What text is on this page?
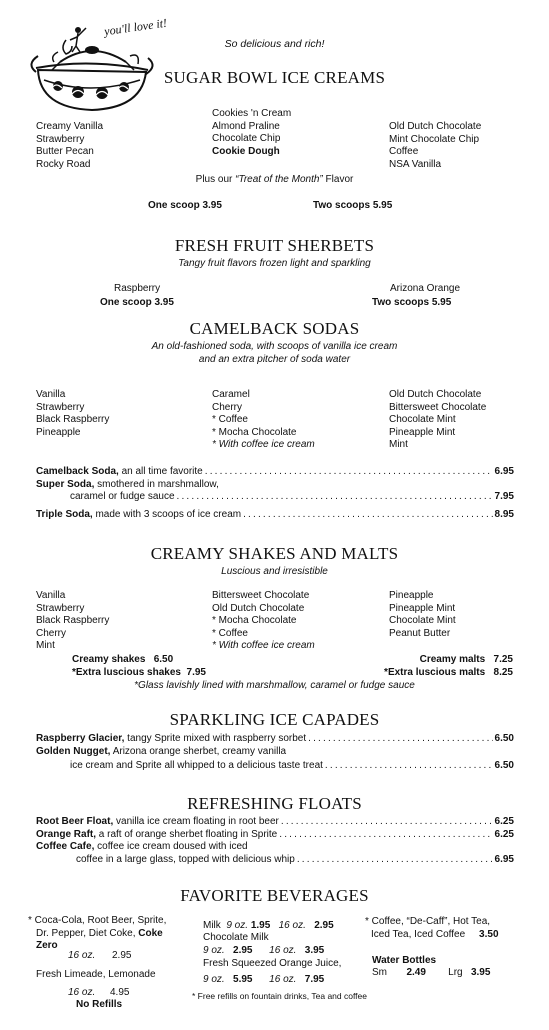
you'll love it!
So delicious and rich!
SUGAR BOWL ICE CREAMS
Creamy Vanilla
Strawberry
Butter Pecan
Rocky Road
Cookies 'n Cream
Almond Praline
Chocolate Chip
Cookie Dough
Old Dutch Chocolate
Mint Chocolate Chip
Coffee
NSA Vanilla
Plus our “Treat of the Month” Flavor
One scoop 3.95	Two scoops 5.95
FRESH FRUIT SHERBETS
Tangy fruit flavors frozen light and sparkling
Raspberry	Arizona Orange
One scoop 3.95	Two scoops 5.95
CAMELBACK SODAS
An old-fashioned soda, with scoops of vanilla ice cream
and an extra pitcher of soda water
Vanilla
Strawberry
Black Raspberry
Pineapple
Caramel
Cherry
* Coffee
* Mocha Chocolate
* With coffee ice cream
Old Dutch Chocolate
Bittersweet Chocolate
Chocolate Mint
Pineapple Mint
Mint
Camelback Soda,
an all time favorite . . .	6.95
Super Soda, smothered in marshmallow,
caramel or fudge sauce . . .	7.95
Triple Soda,
made with 3 scoops of ice cream . . .	8.95
CREAMY SHAKES AND MALTS
Luscious and irresistible
Vanilla
Strawberry
Black Raspberry
Cherry
Mint
Bittersweet Chocolate
Old Dutch Chocolate
* Mocha Chocolate
* Coffee
* With coffee ice cream
Pineapple
Pineapple Mint
Chocolate Mint
Peanut Butter
Creamy shakes   6.50
*Extra luscious shakes  7.95
Creamy malts   7.25
*Extra luscious malts   8.25
*Glass lavishly lined with marshmallow, caramel or fudge sauce
SPARKLING ICE CAPADES
Raspberry Glacier,
tangy Sprite mixed with raspberry sorbet . . .	6.50
Golden Nugget, Arizona orange sherbet, creamy vanilla
ice cream and Sprite all whipped to a delicious taste treat . . .	6.50
REFRESHING FLOATS
Root Beer Float,
vanilla ice cream floating in root beer . . .	6.25
Orange Raft,
a raft of orange sherbet floating in Sprite . . .	6.25
Coffee Cafe, coffee ice cream doused with iced
coffee in a large glass, topped with delicious whip . . .	6.95
FAVORITE BEVERAGES
* Coca-Cola, Root Beer, Sprite,
Dr. Pepper, Diet Coke, Coke
Zero
16 oz. 2.95
Fresh Limeade, Lemonade
16 oz. 4.95
No Refills
Milk 9 oz. 1.95 16 oz. 2.95
Chocolate Milk
9 oz. 2.95 16 oz. 3.95
Fresh Squeezed Orange Juice,
9 oz. 5.95 16 oz. 7.95
* Free refills on fountain drinks, Tea and coffee
* Coffee, “De-Caff”, Hot Tea,
Iced Tea, Iced Coffee 3.50
Water Bottles
Sm 2.49 Lrg 3.95
